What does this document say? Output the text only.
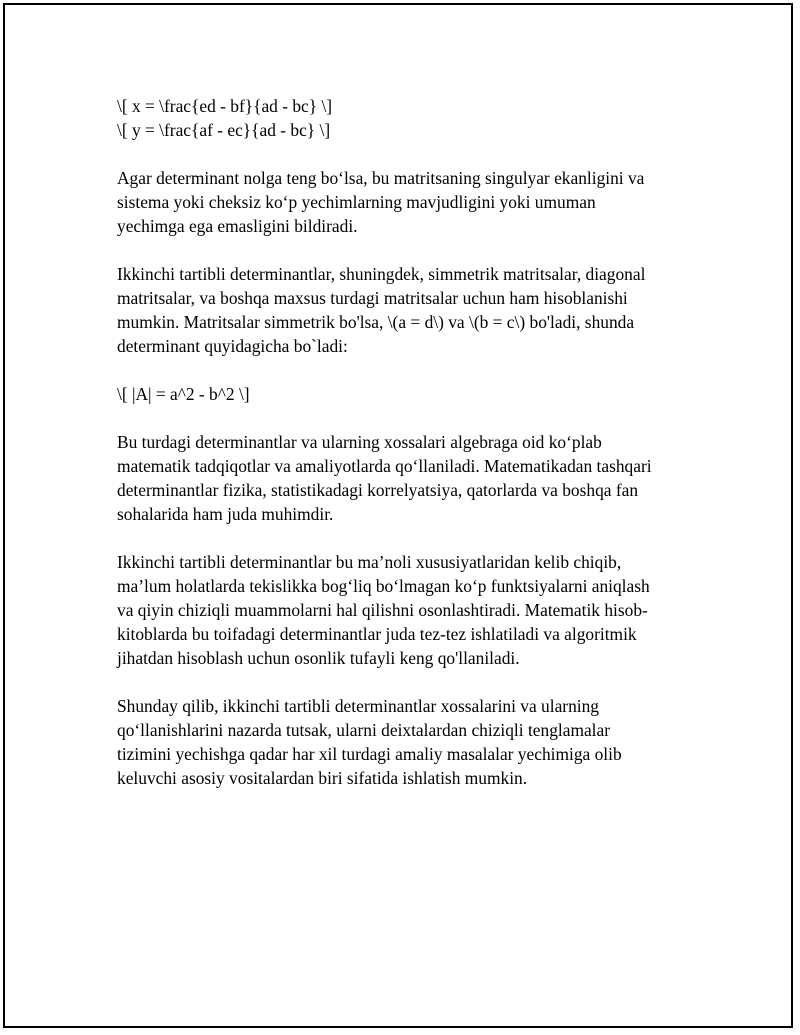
\[ x = \frac{ed - bf}{ad - bc} \]
\[ y = \frac{af - ec}{ad - bc} \]
Agar determinant nolga teng bo‘lsa, bu matritsaning singulyar ekanligini va
sistema yoki cheksiz ko‘p yechimlarning mavjudligini yoki umuman
yechimga ega emasligini bildiradi.
Ikkinchi tartibli determinantlar, shuningdek, simmetrik matritsalar, diagonal
matritsalar, va boshqa maxsus turdagi matritsalar uchun ham hisoblanishi
mumkin. Matritsalar simmetrik bo'lsa, \(a = d\) va \(b = c\) bo'ladi, shunda
determinant quyidagicha bo`ladi:
\[ |A| = a^2 - b^2 \]
Bu turdagi determinantlar va ularning xossalari algebraga oid ko‘plab
matematik tadqiqotlar va amaliyotlarda qo‘llaniladi. Matematikadan tashqari
determinantlar fizika, statistikadagi korrelyatsiya, qatorlarda va boshqa fan
sohalarida ham juda muhimdir.
Ikkinchi tartibli determinantlar bu ma’noli xususiyatlaridan kelib chiqib,
ma’lum holatlarda tekislikka bog‘liq bo‘lmagan ko‘p funktsiyalarni aniqlash
va qiyin chiziqli muammolarni hal qilishni osonlashtiradi. Matematik hisob-
kitoblarda bu toifadagi determinantlar juda tez-tez ishlatiladi va algoritmik
jihatdan hisoblash uchun osonlik tufayli keng qo'llaniladi.
Shunday qilib, ikkinchi tartibli determinantlar xossalarini va ularning
qo‘llanishlarini nazarda tutsak, ularni deixtalardan chiziqli tenglamalar
tizimini yechishga qadar har xil turdagi amaliy masalalar yechimiga olib
keluvchi asosiy vositalardan biri sifatida ishlatish mumkin.
